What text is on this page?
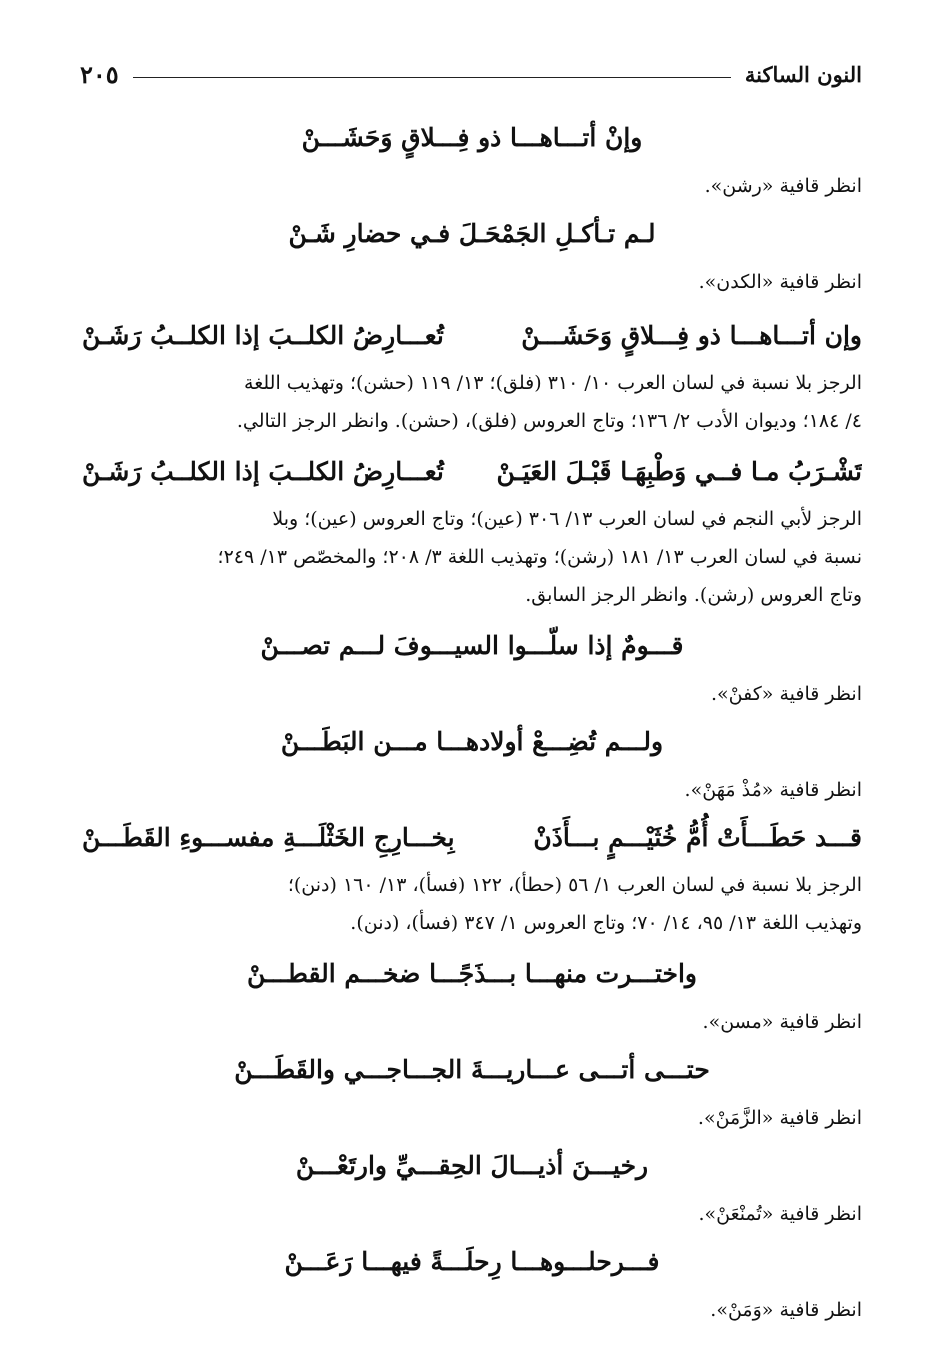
النون الساكنة
٢٠٥
وإنْ أتـــاهـــا ذو فِـــلاقٍ وَحَشَـــنْ
انظر قافية «رشن».
لـم تـأكـلِ الجَمْحَـلَ فـي حضارِ شَـنْ
انظر قافية «الكدن».
وإن أتـــاهـــا ذو فِـــلاقٍ وَحَشَـــنْ
تُعـــارِضُ الكلــبَ إذا الكلــبُ رَشَـنْ
الرجز بلا نسبة في لسان العرب ١٠/ ٣١٠ (فلق)؛ ١٣/ ١١٩ (حشن)؛ وتهذيب اللغة
٤/ ١٨٤؛ وديوان الأدب ٢/ ١٣٦؛ وتاج العروس (فلق)، (حشن). وانظر الرجز التالي.
تَشْـرَبُ مـا فــي وَطْبِهَـا قَبْـلَ العَيَـنْ
تُعـــارِضُ الكلــبَ إذا الكلــبُ رَشَـنْ
الرجز لأبي النجم في لسان العرب ١٣/ ٣٠٦ (عين)؛ وتاج العروس (عين)؛ وبلا
نسبة في لسان العرب ١٣/ ١٨١ (رشن)؛ وتهذيب اللغة ٣/ ٢٠٨؛ والمخصّص ١٣/ ٢٤٩؛
وتاج العروس (رشن). وانظر الرجز السابق.
قـــومٌ إذا سلّـــوا السيـــوفَ لـــم تصـــنْ
انظر قافية «كفنْ».
ولـــم تُضِـــعْ أولادهـــا مـــن البَطَـــنْ
انظر قافية «مُذْ مَهَنْ».
قـــد حَطَـــأَتْ أُمُّ خُثَيْـــمٍ بـــأَذَنْ
بِخـــارِجِ الخَثْلَـــةِ مفســـوءِ القَطَـــنْ
الرجز بلا نسبة في لسان العرب ١/ ٥٦ (حطأ)، ١٢٢ (فسأ)، ١٣/ ١٦٠ (دنن)؛
وتهذيب اللغة ١٣/ ٩٥، ١٤/ ٧٠؛ وتاج العروس ١/ ٣٤٧ (فسأ)، (دنن).
واختـــرت منهـــا بـــذَجًـــا ضخـــم القطـــنْ
انظر قافية «مسن».
حتـــى أتـــى عـــاريـــةَ الجـــاجـــي والقَطَـــنْ
انظر قافية «الزَّمَنْ».
رخيـــنَ أذيـــالَ الحِقـــيِّ وارتَعْـــنْ
انظر قافية «تُمنْعَنْ».
فـــرحلـــوهـــا رِحلَـــةً فيهـــا رَعَـــنْ
انظر قافية «وَمَنْ».
